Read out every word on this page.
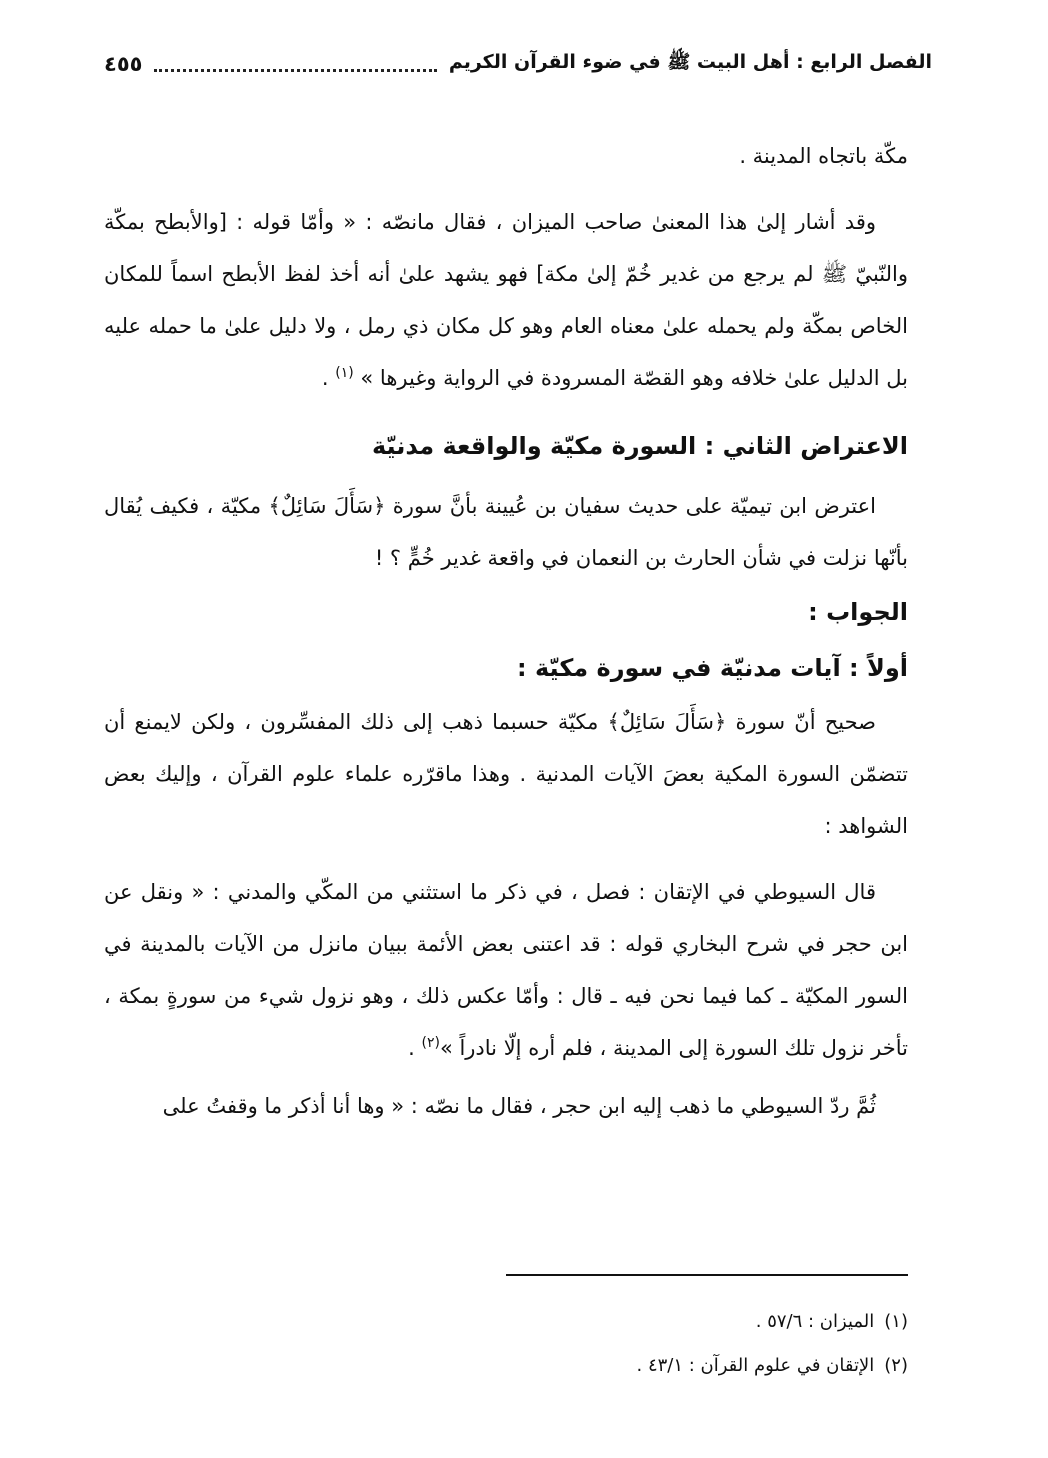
الفصل الرابع : أهل البيت ﷺ في ضوء القرآن الكريم
٤٥٥

مكّة باتجاه المدينة .

وقد أشار إلىٰ هذا المعنىٰ صاحب الميزان ، فقال مانصّه : « وأمّا قوله : [والأبطح بمكّة والنّبيّ ﷺ لم يرجع من غدير خُمّ إلىٰ مكة] فهو يشهد علىٰ أنه أخذ لفظ الأبطح اسماً للمكان الخاص بمكّة ولم يحمله علىٰ معناه العام وهو كل مكان ذي رمل ، ولا دليل علىٰ ما حمله عليه بل الدليل علىٰ خلافه وهو القصّة المسرودة في الرواية وغيرها » $^{(١)}$ .

الاعتراض الثاني : السورة مكيّة والواقعة مدنيّة

اعترض ابن تيميّة على حديث سفيان بن عُيينة بأنَّ سورة ﴿سَأَلَ سَائِلٌ﴾ مكيّة ، فكيف يُقال بأنّها نزلت في شأن الحارث بن النعمان في واقعة غدير خُمٍّ ؟ !

الجواب :

أولاً : آيات مدنيّة في سورة مكيّة :

صحيح أنّ سورة ﴿سَأَلَ سَائِلٌ﴾ مكيّة حسبما ذهب إلى ذلك المفسِّرون ، ولكن لايمنع أن تتضمّن السورة المكية بعضَ الآيات المدنية . وهذا ماقرّره علماء علوم القرآن ، وإليك بعض الشواهد :

قال السيوطي في الإتقان : فصل ، في ذكر ما استثني من المكّي والمدني : « ونقل عن ابن حجر في شرح البخاري قوله : قد اعتنى بعض الأئمة ببيان مانزل من الآيات بالمدينة في السور المكيّة ـ كما فيما نحن فيه ـ قال : وأمّا عكس ذلك ، وهو نزول شيء من سورةٍ بمكة ، تأخر نزول تلك السورة إلى المدينة ، فلم أره إلّا نادراً »$^{(٢)}$ .

ثُمَّ ردّ السيوطي ما ذهب إليه ابن حجر ، فقال ما نصّه : « وها أنا أذكر ما وقفتُ على

(١)الميزان : ٥٧/٦ .

(٢)الإتقان في علوم القرآن : ٤٣/١ .
